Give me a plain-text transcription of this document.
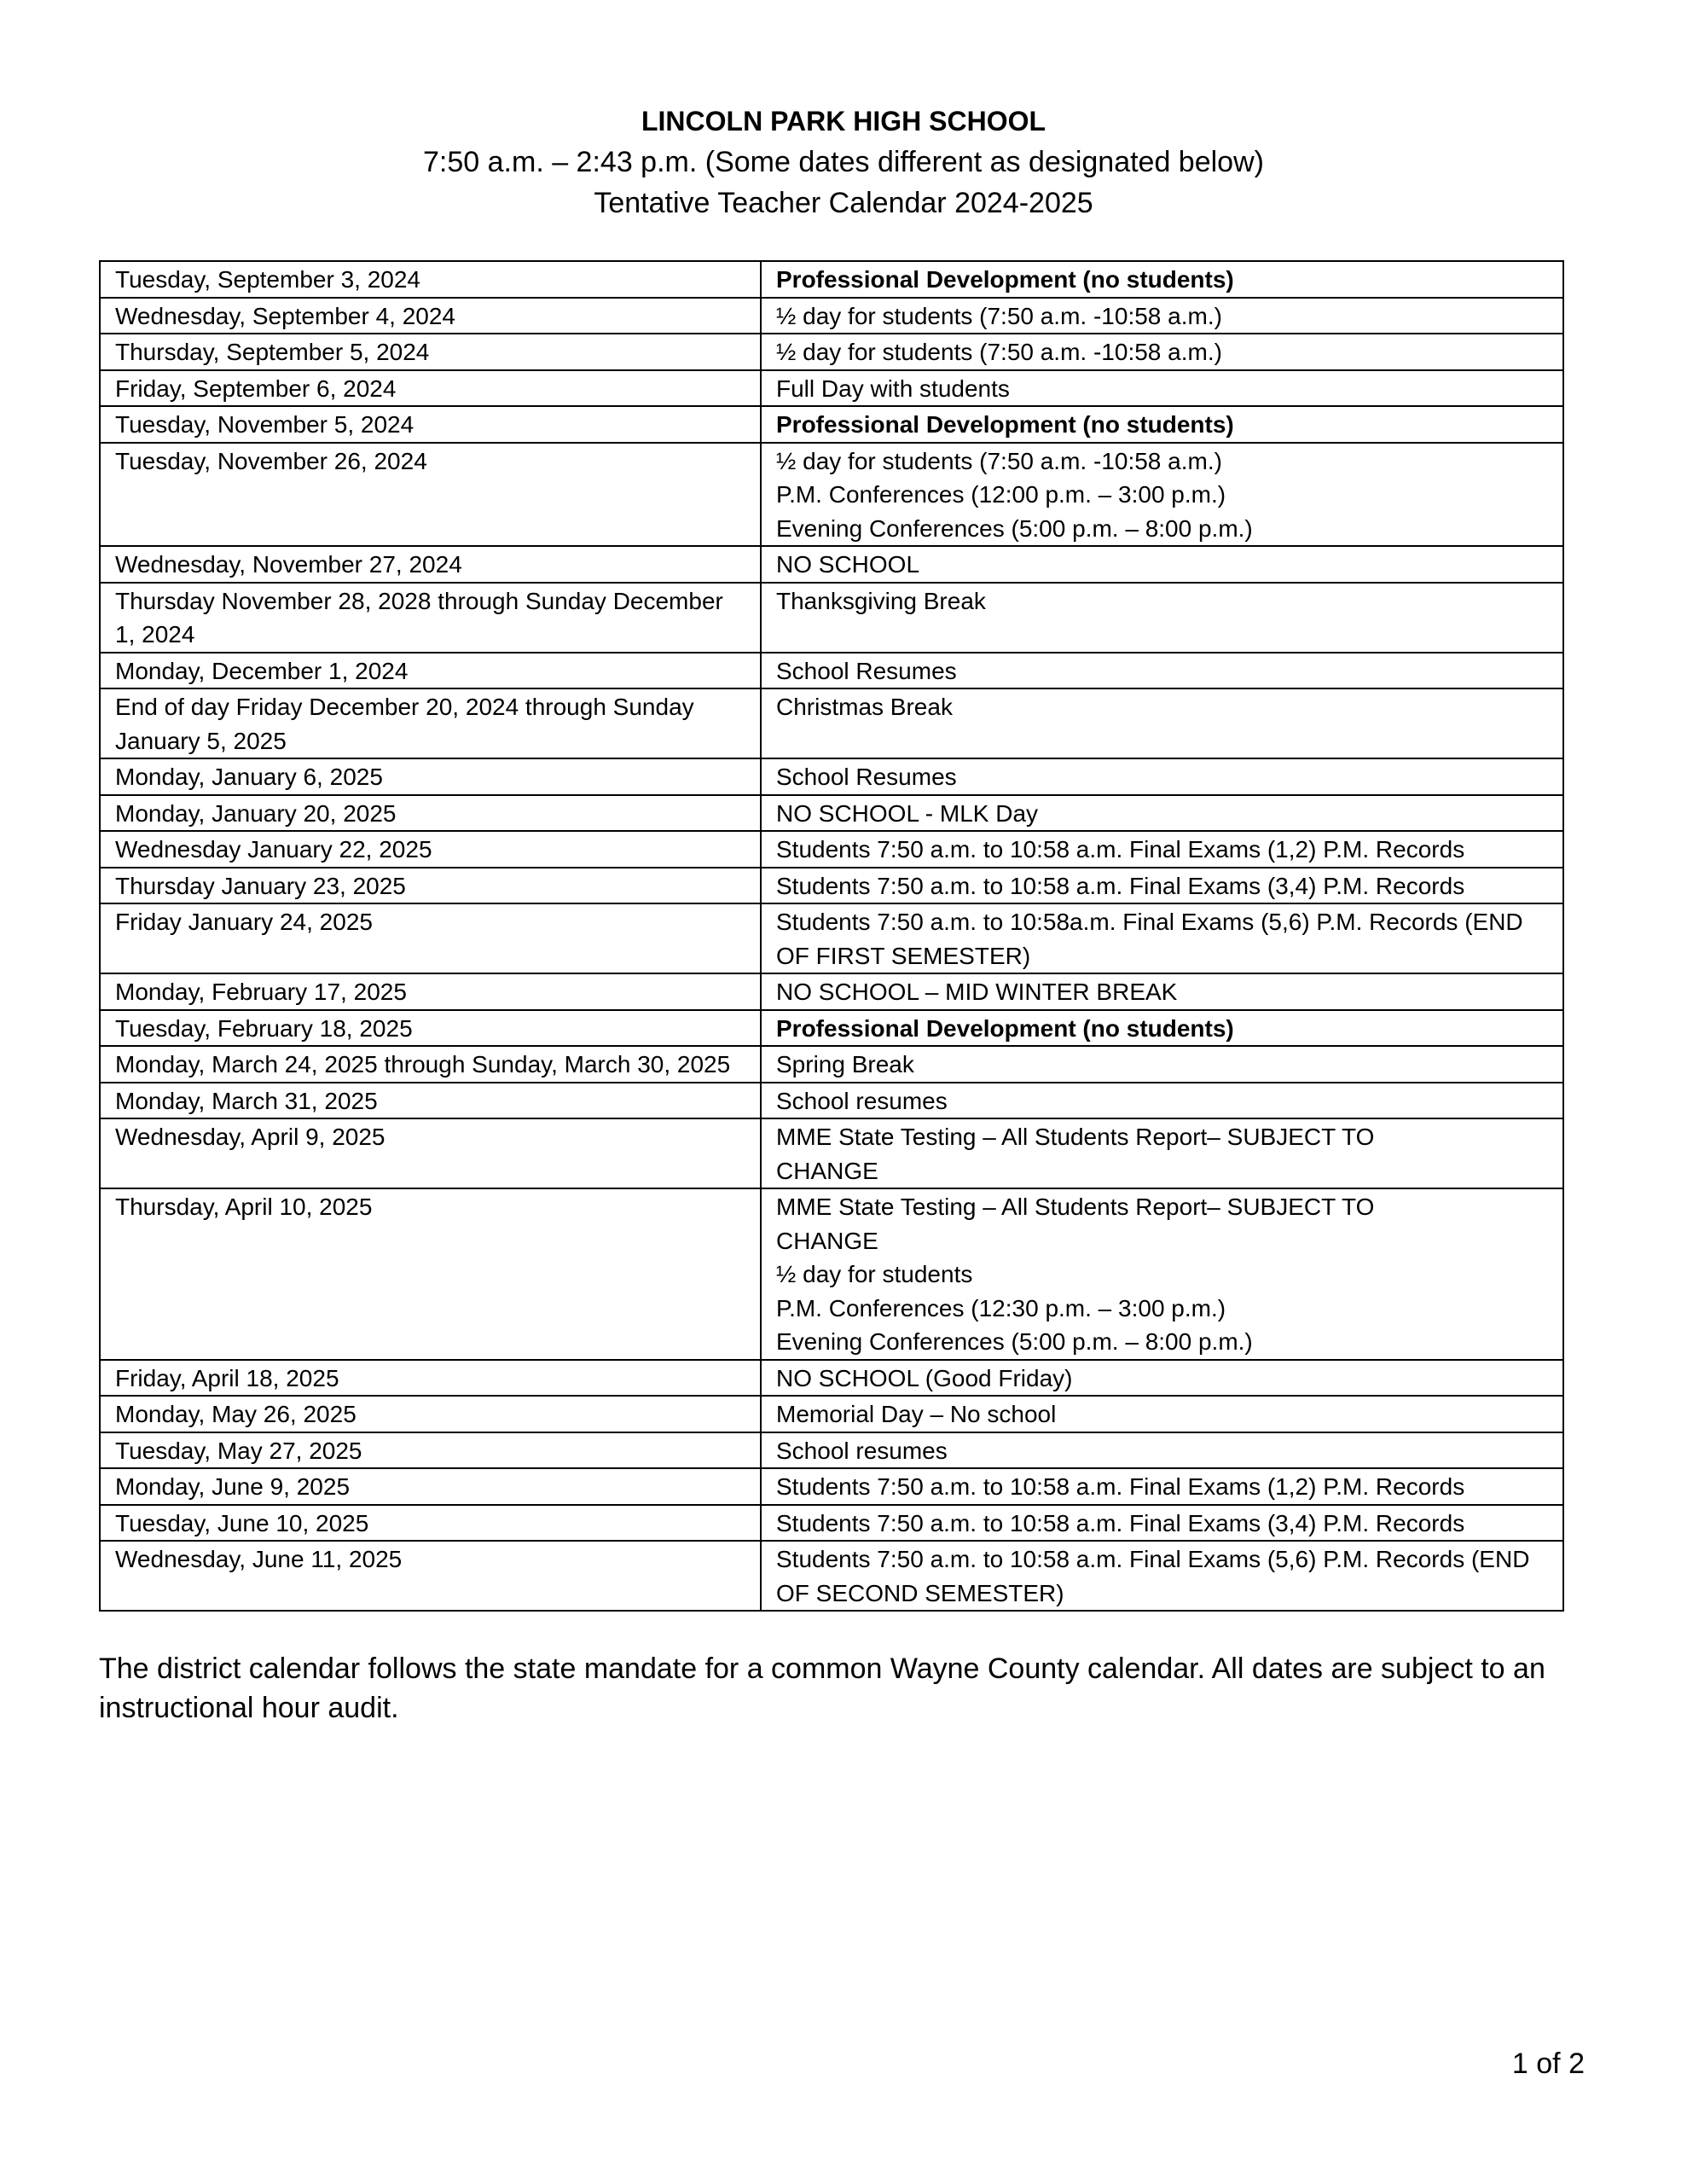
LINCOLN PARK HIGH SCHOOL
7:50 a.m. – 2:43 p.m. (Some dates different as designated below)
Tentative Teacher Calendar 2024-2025
Tuesday, September 3, 2024	Professional Development (no students)

Wednesday, September 4, 2024	½ day for students (7:50 a.m. -10:58 a.m.)

Thursday, September 5, 2024	½ day for students (7:50 a.m. -10:58 a.m.)

Friday, September 6, 2024	Full Day with students

Tuesday, November 5, 2024	Professional Development (no students)

Tuesday, November 26, 2024	½ day for students (7:50 a.m. -10:58 a.m.)
P.M. Conferences (12:00 p.m. – 3:00 p.m.)
Evening Conferences (5:00 p.m. – 8:00 p.m.)

Wednesday, November 27, 2024	NO SCHOOL

Thursday November 28, 2028 through Sunday December 1, 2024	Thanksgiving Break

Monday, December 1, 2024	School Resumes

End of day Friday December 20, 2024 through Sunday January 5, 2025	Christmas Break

Monday, January 6, 2025	School Resumes

Monday, January 20, 2025	NO SCHOOL - MLK Day

Wednesday January 22, 2025	Students 7:50 a.m. to 10:58 a.m. Final Exams (1,2) P.M. Records

Thursday January 23, 2025	Students 7:50 a.m. to 10:58 a.m. Final Exams (3,4) P.M. Records

Friday January 24, 2025	Students 7:50 a.m. to 10:58a.m. Final Exams (5,6) P.M. Records (END OF FIRST SEMESTER)

Monday, February 17, 2025	NO SCHOOL – MID WINTER BREAK

Tuesday, February 18, 2025	Professional Development (no students)

Monday, March 24, 2025 through Sunday, March 30, 2025	Spring Break

Monday, March 31, 2025	School resumes

Wednesday, April 9, 2025	MME State Testing – All Students Report– SUBJECT TO
CHANGE

Thursday, April 10, 2025	MME State Testing – All Students Report– SUBJECT TO
CHANGE
½ day for students
P.M. Conferences (12:30 p.m. – 3:00 p.m.)
Evening Conferences (5:00 p.m. – 8:00 p.m.)

Friday, April 18, 2025	NO SCHOOL (Good Friday)

Monday, May 26, 2025	Memorial Day – No school

Tuesday, May 27, 2025	School resumes

Monday, June 9, 2025	Students 7:50 a.m. to 10:58 a.m. Final Exams (1,2) P.M. Records

Tuesday, June 10, 2025	Students 7:50 a.m. to 10:58 a.m. Final Exams (3,4) P.M. Records

Wednesday, June 11, 2025	Students 7:50 a.m. to 10:58 a.m. Final Exams (5,6) P.M. Records (END OF SECOND SEMESTER)
The district calendar follows the state mandate for a common Wayne County calendar. All dates are subject to an instructional hour audit.
1 of 2
